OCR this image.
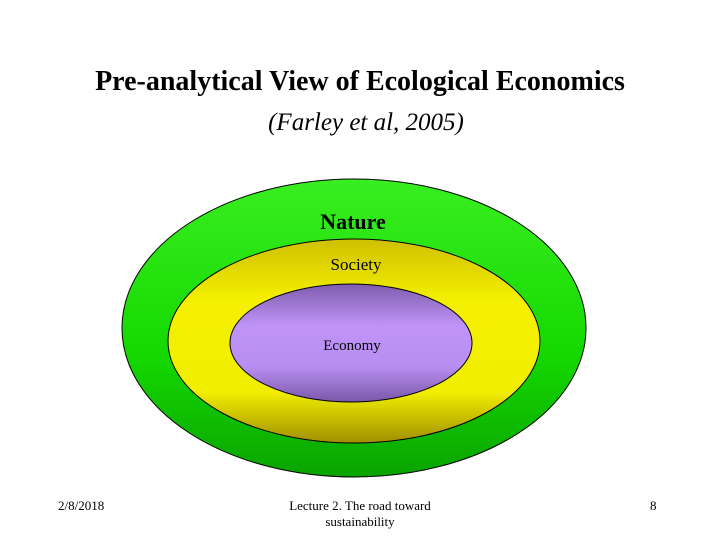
Pre-analytical View of Ecological Economics
(Farley et al, 2005)
Nature
Society
Economy
2/8/2018	Lecture 2. The road toward
sustainability
8
